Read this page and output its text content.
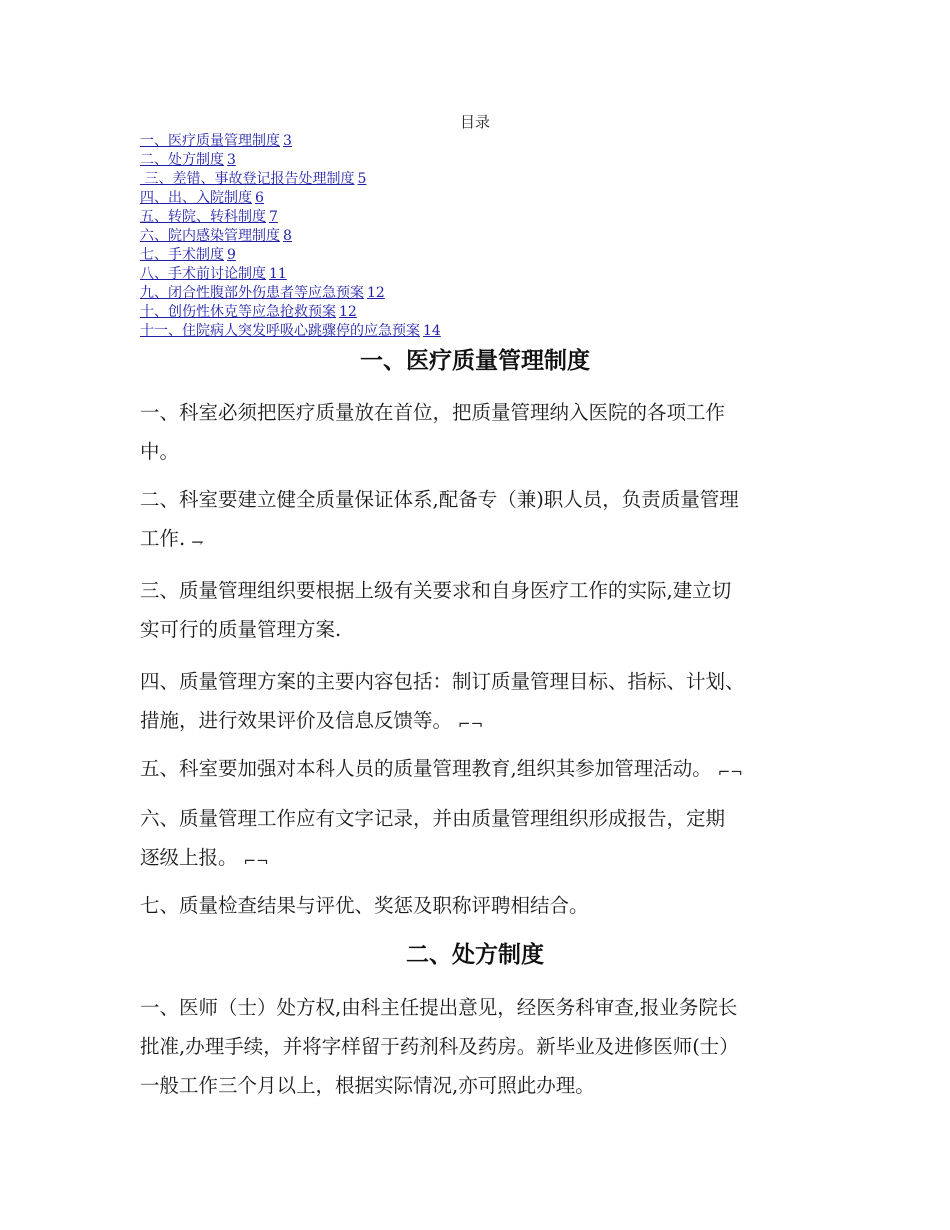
目录
一、医疗质量管理制度 3
二、处方制度 3
三、差错、事故登记报告处理制度 5
四、出、入院制度 6
五、转院、转科制度 7
六、院内感染管理制度 8
七、手术制度 9
八、手术前讨论制度 11
九、闭合性腹部外伤患者等应急预案 12
十、创伤性休克等应急抢救预案 12
十一、住院病人突发呼吸心跳骤停的应急预案 14
一、医疗质量管理制度

一、科室必须把医疗质量放在首位，把质量管理纳入医院的各项工作
中。

二、科室要建立健全质量保证体系,配备专（兼)职人员，负责质量管理
工作. ⇁

三、质量管理组织要根据上级有关要求和自身医疗工作的实际,建立切
实可行的质量管理方案.

四、质量管理方案的主要内容包括：制订质量管理目标、指标、计划、
措施，进行效果评价及信息反馈等。 ⌐¬

五、科室要加强对本科人员的质量管理教育,组织其参加管理活动。 ⌐¬

六、质量管理工作应有文字记录，并由质量管理组织形成报告，定期
逐级上报。 ⌐¬

七、质量检查结果与评优、奖惩及职称评聘相结合。

二、处方制度

一、医师（士）处方权,由科主任提出意见，经医务科审查,报业务院长
批准,办理手续，并将字样留于药剂科及药房。新毕业及进修医师(士）
一般工作三个月以上，根据实际情况,亦可照此办理。
